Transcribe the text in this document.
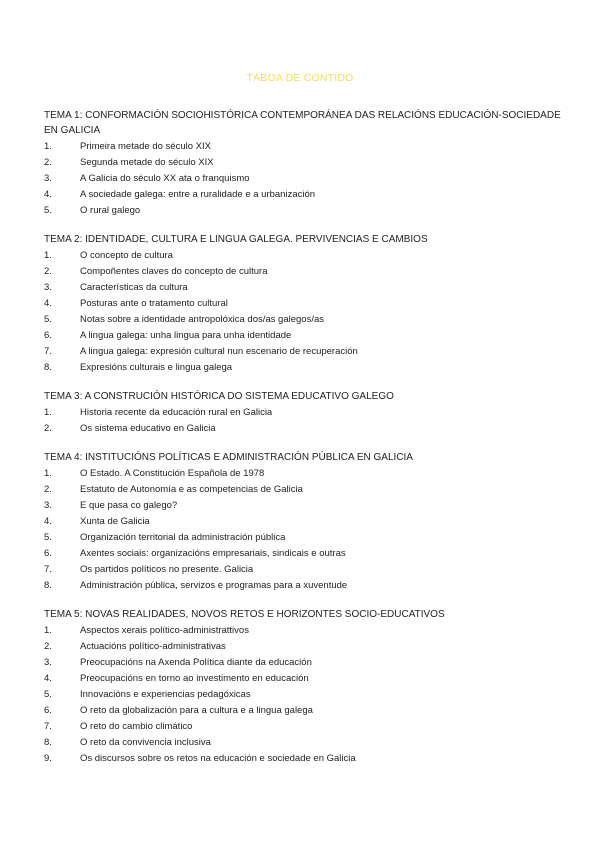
TÁBOA DE CONTIDO
TEMA 1: CONFORMACIÓN SOCIOHISTÓRICA CONTEMPORÁNEA DAS RELACIÓNS EDUCACIÓN-SOCIEDADE EN GALICIA
1.	Primeira metade do século XIX
2.	Segunda metade do século XIX
3.	A Galicia do século XX ata o franquismo
4.	A sociedade galega: entre a ruralidade e a urbanización
5.	O rural galego
TEMA 2: IDENTIDADE, CULTURA E LINGUA GALEGA. PERVIVENCIAS E CAMBIOS
1.	O concepto de cultura
2.	Compoñentes claves do concepto de cultura
3.	Características da cultura
4.	Posturas ante o tratamento cultural
5.	Notas sobre a identidade antropolóxica dos/as galegos/as
6.	A lingua galega: unha lingua para unha identidade
7.	A lingua galega: expresión cultural nun escenario de recuperación
8.	Expresións culturais e lingua galega
TEMA 3: A CONSTRUCIÓN HISTÓRICA DO SISTEMA EDUCATIVO GALEGO
1.	Historia recente da educación rural en Galicia
2.	Os sistema educativo en Galicia
TEMA 4: INSTITUCIÓNS POLÍTICAS E ADMINISTRACIÓN PÚBLICA EN GALICIA
1.	O Estado. A Constitución Española de 1978
2.	Estatuto de Autonomía e as competencias de Galicia
3.	E que pasa co galego?
4.	Xunta de Galicia
5.	Organización territorial da administración pública
6.	Axentes sociais: organizacións empresariais, sindicais e outras
7.	Os partidos políticos no presente. Galicia
8.	Administración pública, servizos e programas para a xuventude
TEMA 5: NOVAS REALIDADES, NOVOS RETOS E HORIZONTES SOCIO-EDUCATIVOS
1.	Aspectos xerais político-administrattivos
2.	Actuacións político-administrativas
3.	Preocupacións na Axenda Política diante da educación
4.	Preocupacións en torno ao investimento en educación
5.	Innovacións e experiencias pedagóxicas
6.	O reto da globalización para a cultura e a lingua galega
7.	O reto do cambio climático
8.	O reto da convivencia inclusiva
9.	Os discursos sobre os retos na educación e sociedade en Galicia
